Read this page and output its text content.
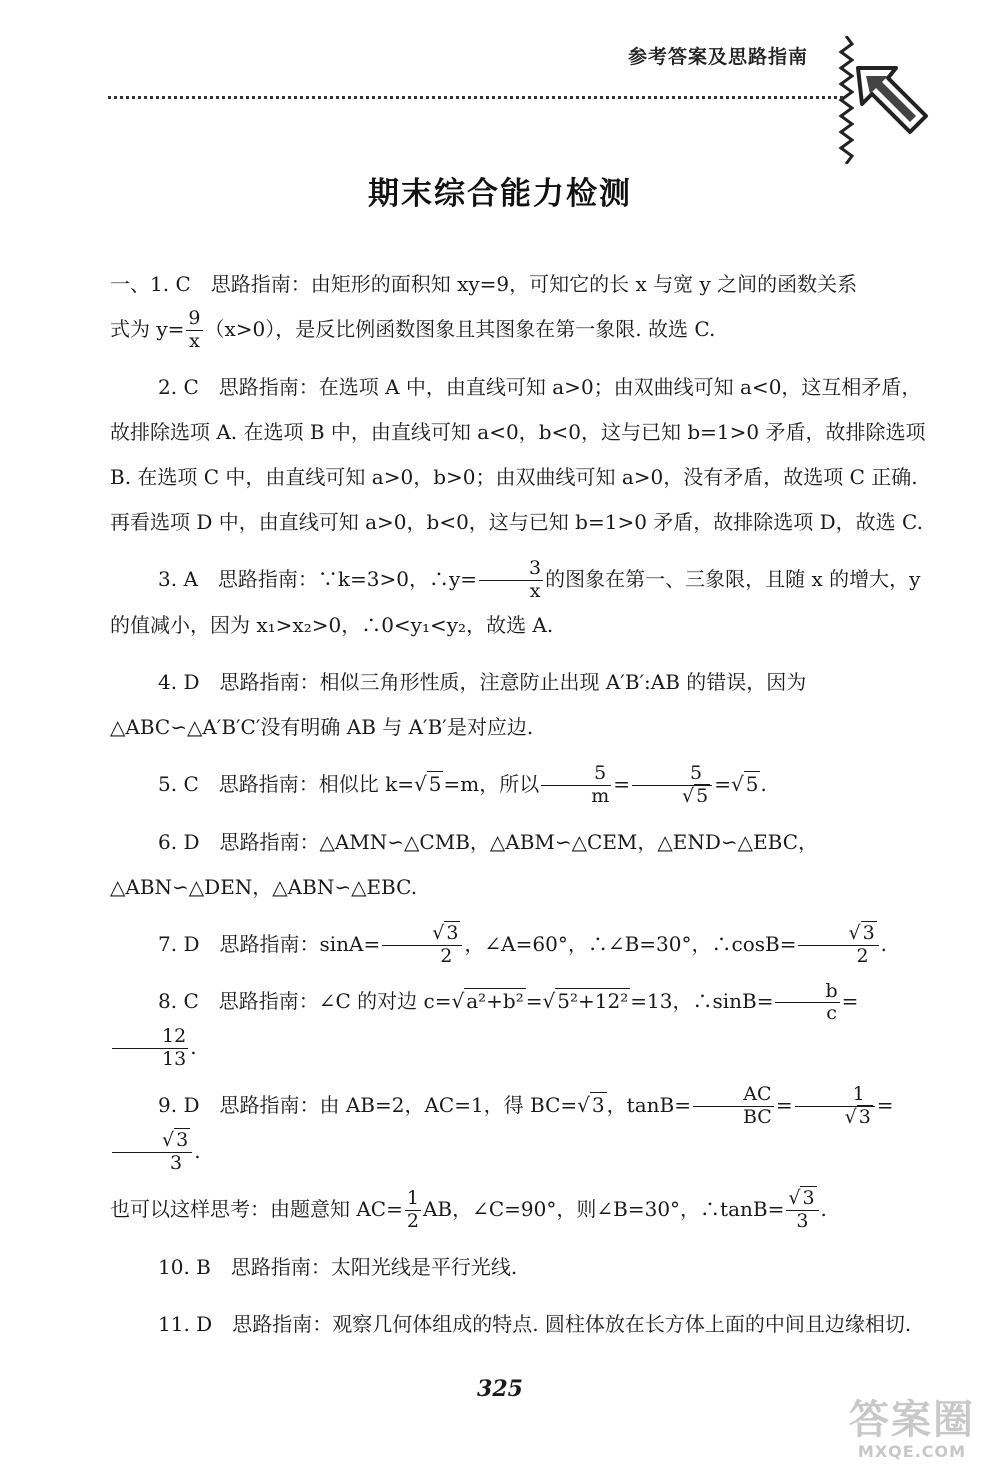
参考答案及思路指南
期末综合能力检测

一、1. C　思路指南：由矩形的面积知 xy=9，可知它的长 x 与宽 y 之间的函数关系
式为 $y= \frac{9}{x} (x>0)$，是反比例函数图象且其图象在第一象限. 故选 C.

2. C　思路指南：在选项 A 中，由直线可知 a>0；由双曲线可知 a<0，这互相矛盾，故排除选项 A. 在选项 B 中，由直线可知 a<0，b<0，这与已知 b=1>0 矛盾，故排除选项 B. 在选项 C 中，由直线可知 a>0，b>0；由双曲线可知 a>0，没有矛盾，故选项 C 正确. 再看选项 D 中，由直线可知 a>0，b<0，这与已知 b=1>0 矛盾，故排除选项 D，故选 C.

3. A　思路指南：∵k=3>0，∴y= $\frac{3}{x}$ 的图象在第一、三象限，且随 x 的增大，y
的值减小，因为 x₁>x₂>0，∴0<y₁<y₂，故选 A.

4. D　思路指南：相似三角形性质，注意防止出现 A′B′:AB 的错误，因为△ABC∽△A′B′C′没有明确 AB 与 A′B′是对应边.

5. C　思路指南：相似比 k=√ 5 =m，所以 $\frac{5}{m} = \frac{5}{√ 5}$ =√ 5 .

6. D　思路指南：△AMN∽△CMB，△ABM∽△CEM，△END∽△EBC，△ABN∽△DEN，△ABN∽△EBC.

7. D　思路指南：$\sin A= \frac{√ 3}{2}$ ，∠A=60°，∴∠B=30°，∴cosB= $\frac{√ 3}{2}$ .

8. C　思路指南：∠C 的对边 c=√ a²+b² =√ 5²+12² =13，∴sinB= $\frac{b}{c}$ =
$\frac{12}{13}$ .

9. D　思路指南：由 AB=2，AC=1，得 BC=√ 3 ，$\tan B= \frac{AC}{BC} = \frac{1}{√ 3}$ =
$\frac{√ 3}{3}$ .

也可以这样思考：由题意知 $AC= \frac{1}{2}$ AB，∠C=90°，则∠B=30°，∴tanB= $\frac{√ 3}{3}$ .

10. B　思路指南：太阳光线是平行光线.

11. D　思路指南：观察几何体组成的特点. 圆柱体放在长方体上面的中间且边缘相切.

325
答案圈
MXQE.COM
